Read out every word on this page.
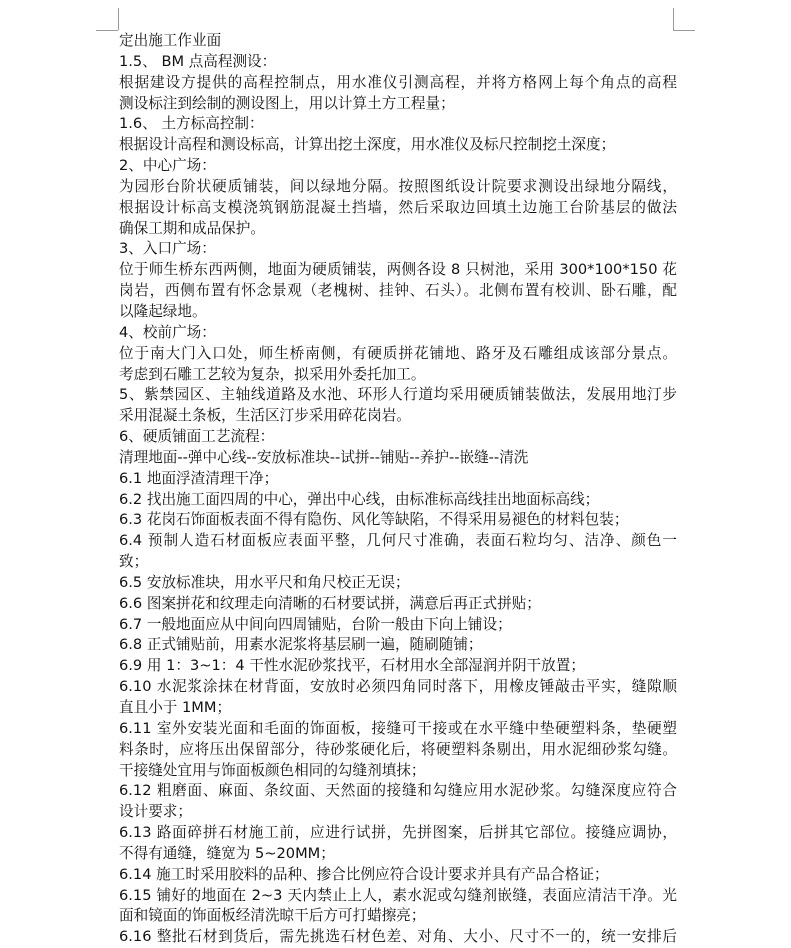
定出施工作业面
1.5、 BM 点高程测设：
根据建设方提供的高程控制点，用水准仪引测高程，并将方格网上每个角点的高程
测设标注到绘制的测设图上，用以计算土方工程量；
1.6、 土方标高控制：
根据设计高程和测设标高，计算出挖土深度，用水准仪及标尺控制挖土深度；
2、中心广场：
为园形台阶状硬质铺装，间以绿地分隔。按照图纸设计院要求测设出绿地分隔线，
根据设计标高支模浇筑钢筋混凝土挡墙，然后采取边回填土边施工台阶基层的做法
确保工期和成品保护。
3、入口广场：
位于师生桥东西两侧，地面为硬质铺装，两侧各设 8 只树池，采用 300*100*150 花
岗岩，西侧布置有怀念景观（老槐树、挂钟、石头）。北侧布置有校训、卧石雕，配
以隆起绿地。
4、校前广场：
位于南大门入口处，师生桥南侧，有硬质拼花铺地、路牙及石雕组成该部分景点。
考虑到石雕工艺较为复杂，拟采用外委托加工。
5、紫禁园区、主轴线道路及水池、环形人行道均采用硬质铺装做法，发展用地汀步
采用混凝土条板，生活区汀步采用碎花岗岩。
6、硬质铺面工艺流程：
清理地面--弹中心线--安放标准块--试拼--铺贴--养护--嵌缝--清洗
6.1 地面浮渣清理干净；
6.2 找出施工面四周的中心，弹出中心线，由标准标高线挂出地面标高线；
6.3 花岗石饰面板表面不得有隐伤、风化等缺陷，不得采用易褪色的材料包装；
6.4 预制人造石材面板应表面平整，几何尺寸准确，表面石粒均匀、洁净、颜色一
致；
6.5 安放标准块，用水平尺和角尺校正无误；
6.6 图案拼花和纹理走向清晰的石材要试拼，满意后再正式拼贴；
6.7 一般地面应从中间向四周铺贴，台阶一般由下向上铺设；
6.8 正式铺贴前，用素水泥浆将基层刷一遍，随刷随铺；
6.9 用 1：3~1：4 干性水泥砂浆找平，石材用水全部湿润并阴干放置；
6.10 水泥浆涂抹在材背面，安放时必须四角同时落下，用橡皮锤敲击平实，缝隙顺
直且小于 1MM；
6.11 室外安装光面和毛面的饰面板，接缝可干接或在水平缝中垫硬塑料条，垫硬塑
料条时，应将压出保留部分，待砂浆硬化后，将硬塑料条剔出，用水泥细砂浆勾缝。
干接缝处宜用与饰面板颜色相同的勾缝剂填抹；
6.12 粗磨面、麻面、条纹面、天然面的接缝和勾缝应用水泥砂浆。勾缝深度应符合
设计要求；
6.13 路面碎拼石材施工前，应进行试拼，先拼图案，后拼其它部位。接缝应调协，
不得有通缝，缝宽为 5~20MM；
6.14 施工时采用胶料的品种、掺合比例应符合设计要求并具有产品合格证；
6.15 铺好的地面在 2~3 天内禁止上人，素水泥或勾缝剂嵌缝，表面应清洁干净。光
面和镜面的饰面板经清洗晾干后方可打蜡擦亮；
6.16 整批石材到货后，需先挑选石材色差、对角、大小、尺寸不一的，统一安排后
